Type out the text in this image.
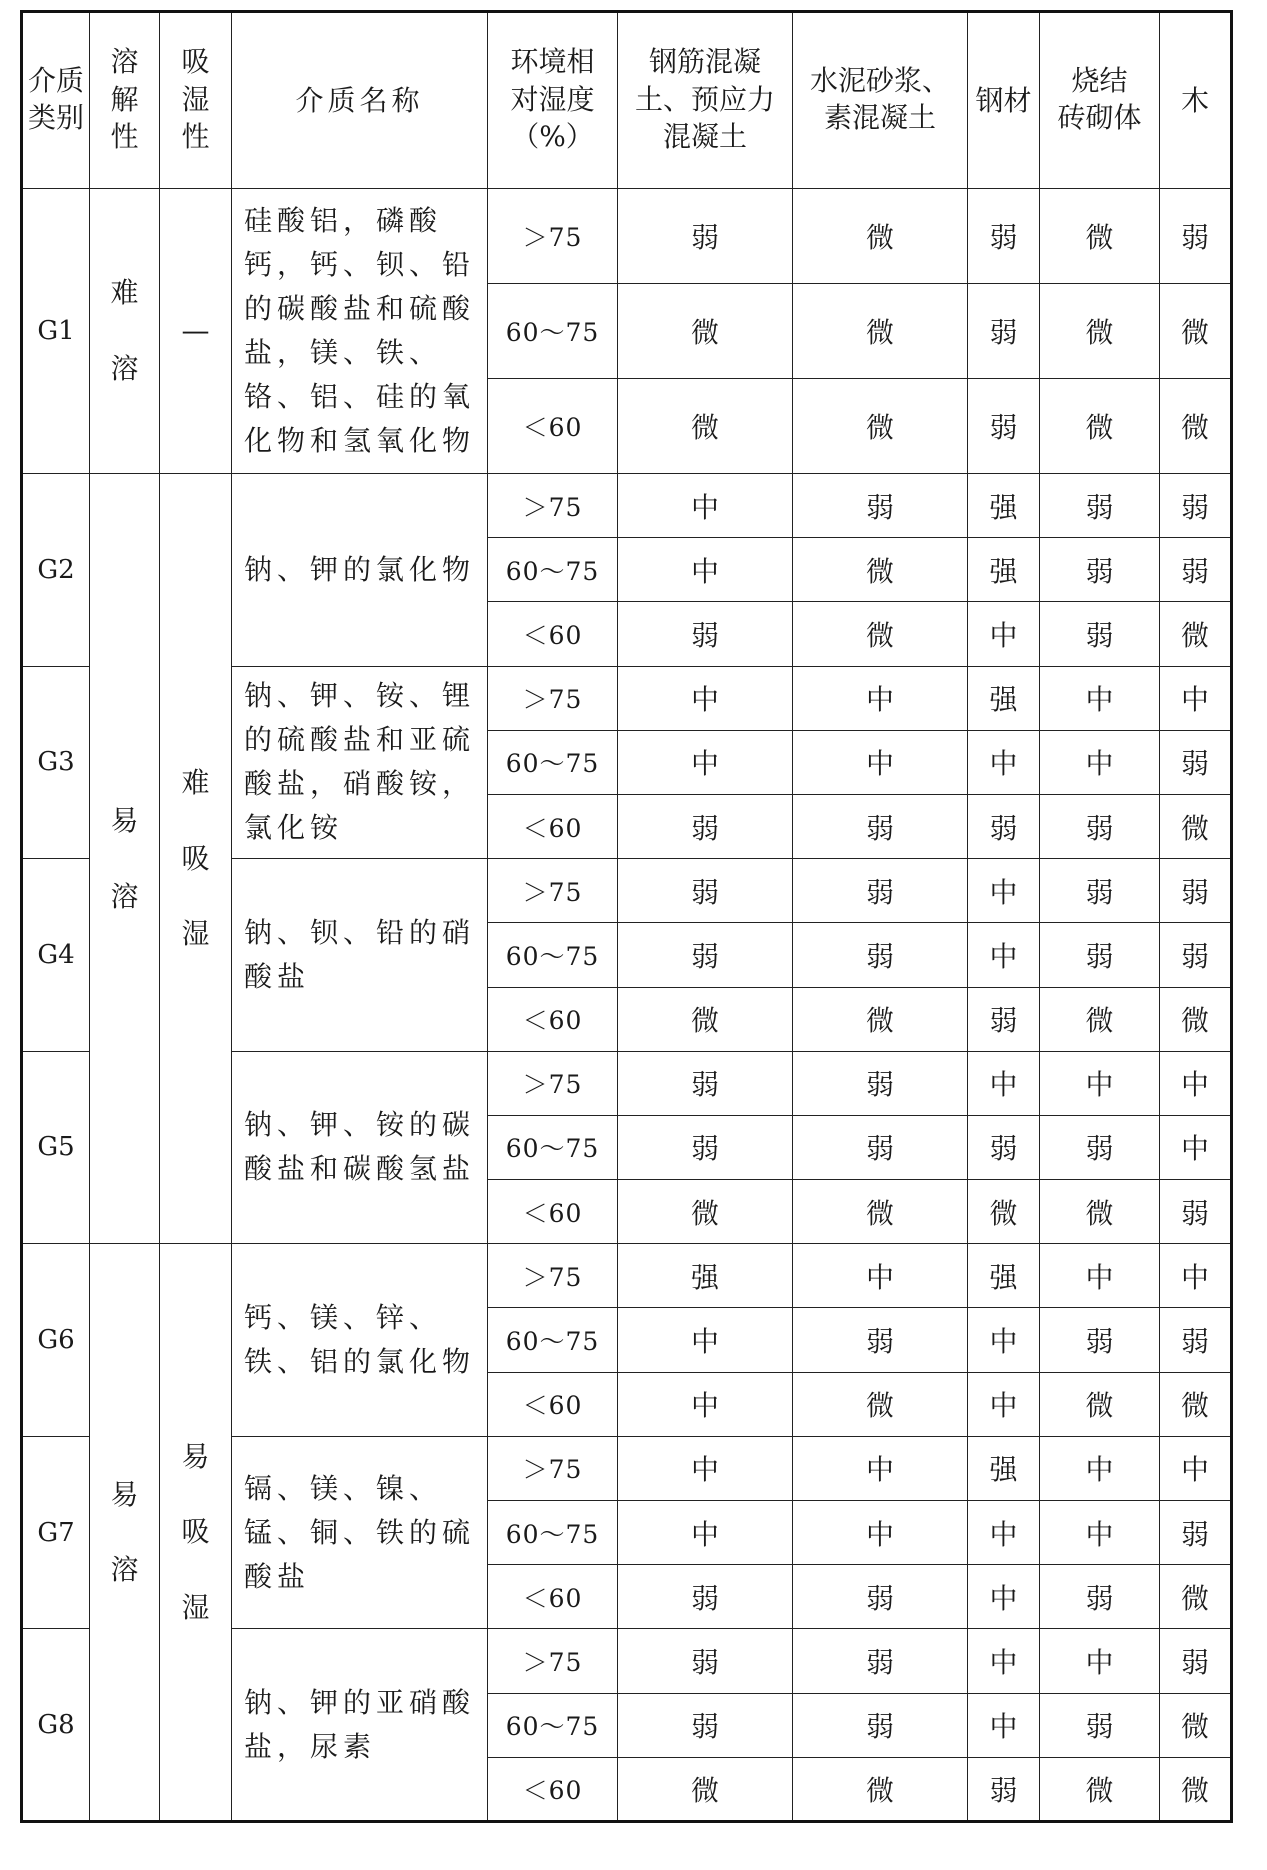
介质
类别	溶
解
性	吸
湿
性	介质名称	环境相
对湿度
（%）	钢筋混凝
土、预应力
混凝土	水泥砂浆、
素混凝土	钢材	烧结
砖砌体	木
G1	难
溶	—	硅酸铝，磷酸钙，钙、钡、铅的碳酸盐和硫酸盐，镁、铁、铬、铝、硅的氧化物和氢氧化物	＞75	弱	微	弱	微	弱
				60～75	微	微	弱	微	微
				＜60	微	微	弱	微	微
G2	易
溶	难
吸
湿	钠、钾的氯化物	＞75	中	弱	强	弱	弱
				60～75	中	微	强	弱	弱
				＜60	弱	微	中	弱	微
G3			钠、钾、铵、锂的硫酸盐和亚硫酸盐，硝酸铵，氯化铵	＞75	中	中	强	中	中
				60～75	中	中	中	中	弱
				＜60	弱	弱	弱	弱	微
G4			钠、钡、铅的硝酸盐	＞75	弱	弱	中	弱	弱
				60～75	弱	弱	中	弱	弱
				＜60	微	微	弱	微	微
G5			钠、钾、铵的碳酸盐和碳酸氢盐	＞75	弱	弱	中	中	中
				60～75	弱	弱	弱	弱	中
				＜60	微	微	微	微	弱
G6	易
溶	易
吸
湿	钙、镁、锌、铁、铝的氯化物	＞75	强	中	强	中	中
				60～75	中	弱	中	弱	弱
				＜60	中	微	中	微	微
G7			镉、镁、镍、锰、铜、铁的硫酸盐	＞75	中	中	强	中	中
				60～75	中	中	中	中	弱
				＜60	弱	弱	中	弱	微
G8			钠、钾的亚硝酸盐，尿素	＞75	弱	弱	中	中	弱
				60～75	弱	弱	中	弱	微
				＜60	微	微	弱	微	微
